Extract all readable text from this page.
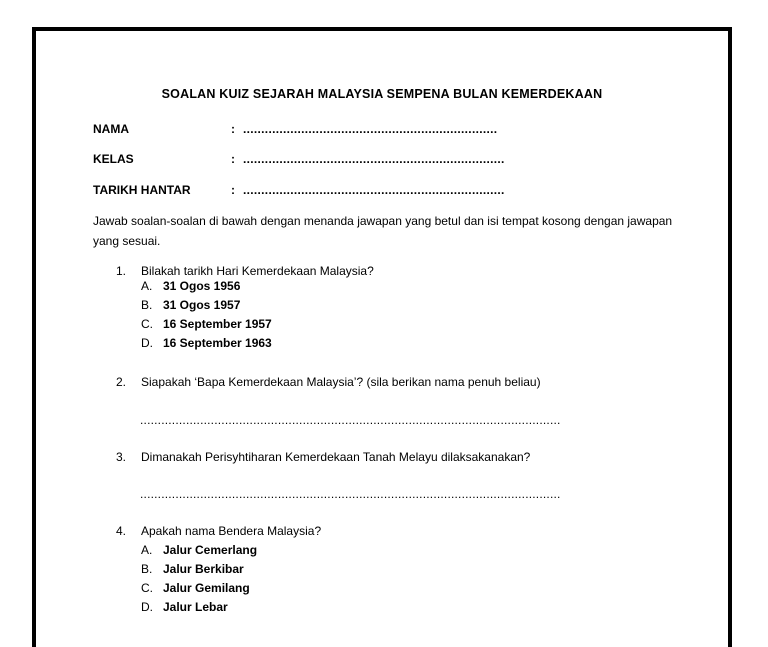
SOALAN KUIZ SEJARAH MALAYSIA SEMPENA BULAN KEMERDEKAAN
NAMA	: ......................................................................
KELAS	: ........................................................................
TARIKH HANTAR	: ........................................................................
Jawab soalan-soalan di bawah dengan menanda jawapan yang betul dan isi tempat kosong dengan jawapan yang sesuai.
1. Bilakah tarikh Hari Kemerdekaan Malaysia?
A. 31 Ogos 1956
B. 31 Ogos 1957
C. 16 September 1957
D. 16 September 1963
2. Siapakah ‘Bapa Kemerdekaan Malaysia’? (sila berikan nama penuh beliau)
.......................................................................................................................
3. Dimanakah Perisyhtiharan Kemerdekaan Tanah Melayu dilaksakanakan?
.......................................................................................................................
4. Apakah nama Bendera Malaysia?
A. Jalur Cemerlang
B. Jalur Berkibar
C. Jalur Gemilang
D. Jalur Lebar
